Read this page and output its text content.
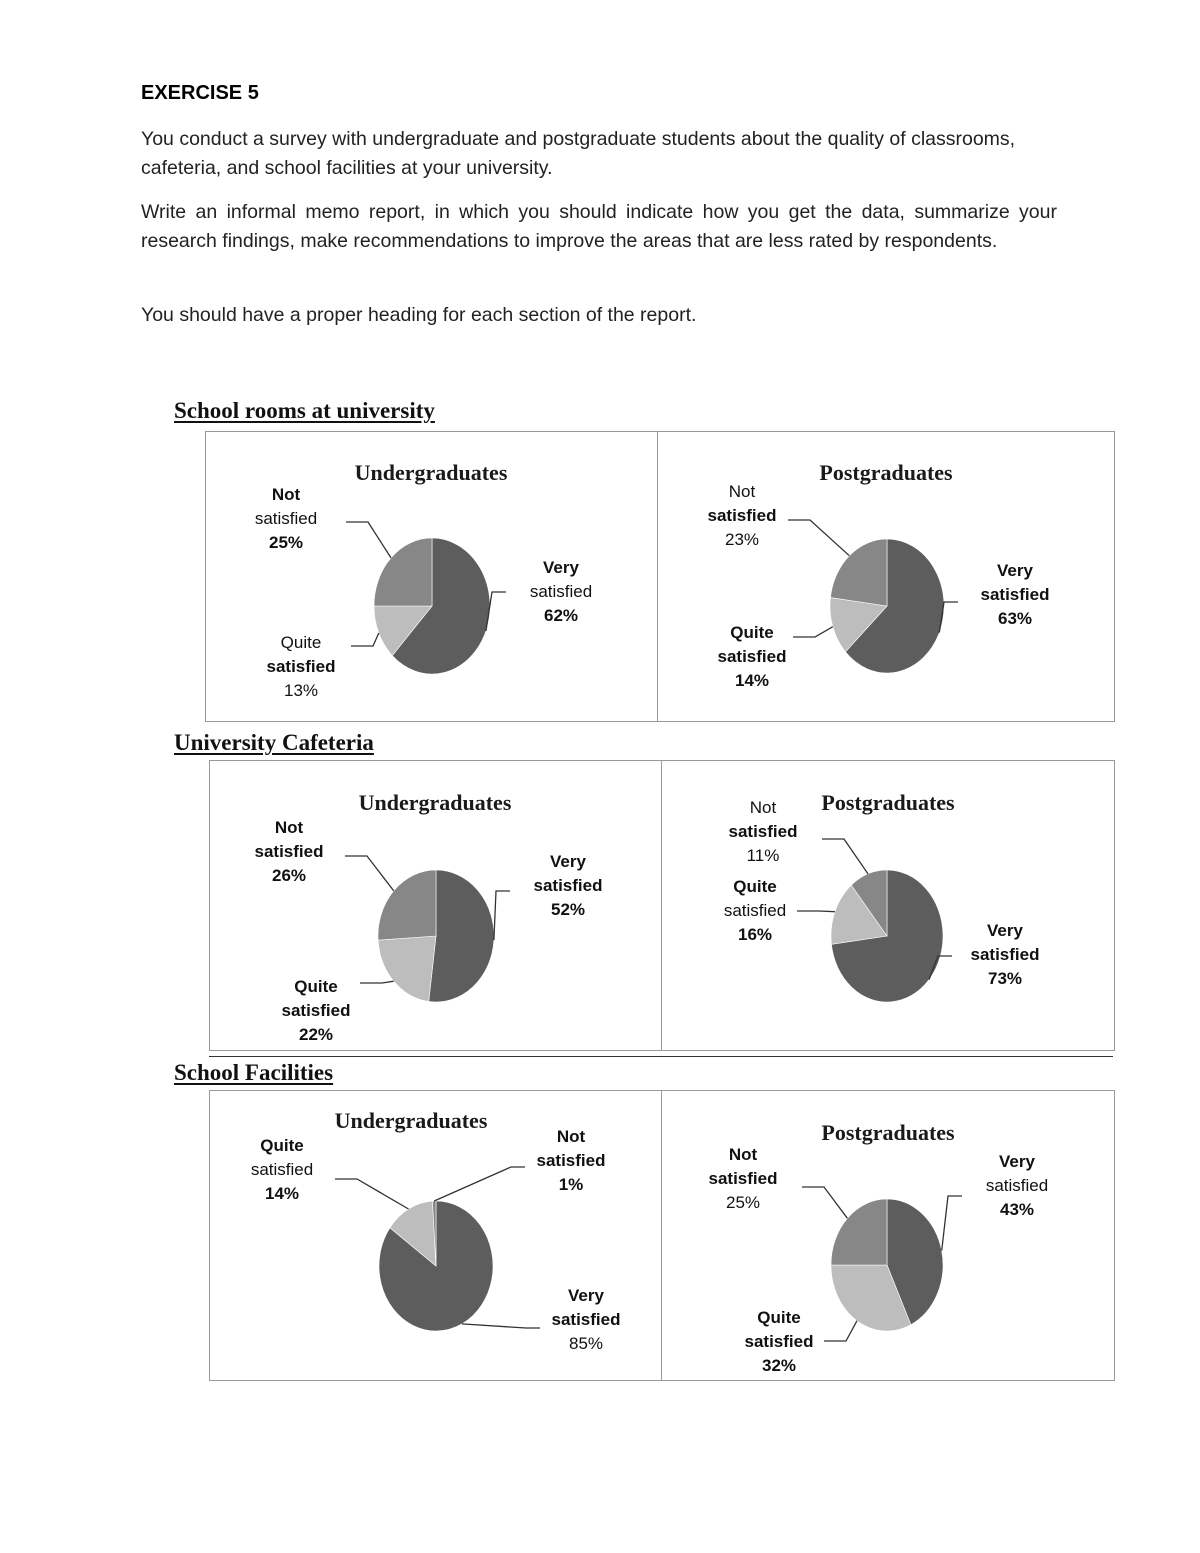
EXERCISE 5

You conduct a survey with undergraduate and postgraduate students about the quality of classrooms, cafeteria, and school facilities at your university.

Write an informal memo report, in which you should indicate how you get the data, summarize your research findings, make recommendations to improve the areas that are less rated by respondents.

You should have a proper heading for each section of the report.

School rooms at university
University Cafeteria
School Facilities
Undergraduates
Very satisfied 62%
Quite satisfied 13%
Not satisfied 25%
Postgraduates
Very satisfied 63%
Quite satisfied 14%
Not satisfied 23%
Undergraduates
Very satisfied 52%
Quite satisfied 22%
Not satisfied 26%
Postgraduates
Very satisfied 73%
Quite satisfied 16%
Not satisfied 11%
Undergraduates
Very satisfied 85%
Quite satisfied 14%
Not satisfied 1%
Postgraduates
Very satisfied 43%
Quite satisfied 32%
Not satisfied 25%
